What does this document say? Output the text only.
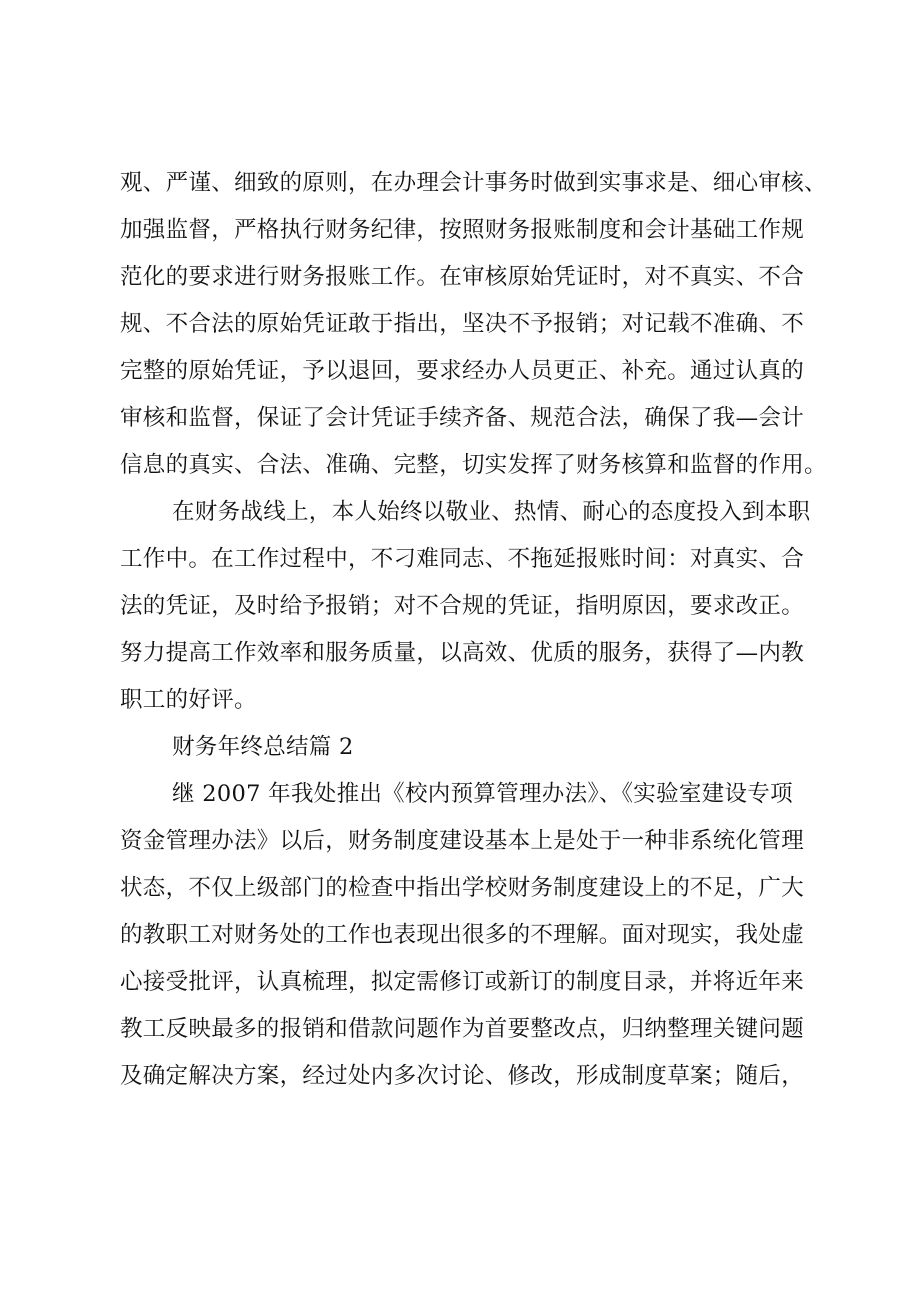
观、严谨、细致的原则，在办理会计事务时做到实事求是、细心审核、
加强监督，严格执行财务纪律，按照财务报账制度和会计基础工作规
范化的要求进行财务报账工作。在审核原始凭证时，对不真实、不合
规、不合法的原始凭证敢于指出，坚决不予报销；对记载不准确、不
完整的原始凭证，予以退回，要求经办人员更正、补充。通过认真的
审核和监督，保证了会计凭证手续齐备、规范合法，确保了我—会计
信息的真实、合法、准确、完整，切实发挥了财务核算和监督的作用。
在财务战线上，本人始终以敬业、热情、耐心的态度投入到本职
工作中。在工作过程中，不刁难同志、不拖延报账时间：对真实、合
法的凭证，及时给予报销；对不合规的凭证，指明原因，要求改正。
努力提高工作效率和服务质量，以高效、优质的服务，获得了—内教
职工的好评。
财务年终总结篇 2
继 2007 年我处推出《校内预算管理办法》、《实验室建设专项
资金管理办法》以后，财务制度建设基本上是处于一种非系统化管理
状态，不仅上级部门的检查中指出学校财务制度建设上的不足，广大
的教职工对财务处的工作也表现出很多的不理解。面对现实，我处虚
心接受批评，认真梳理，拟定需修订或新订的制度目录，并将近年来
教工反映最多的报销和借款问题作为首要整改点，归纳整理关键问题
及确定解决方案，经过处内多次讨论、修改，形成制度草案；随后，
